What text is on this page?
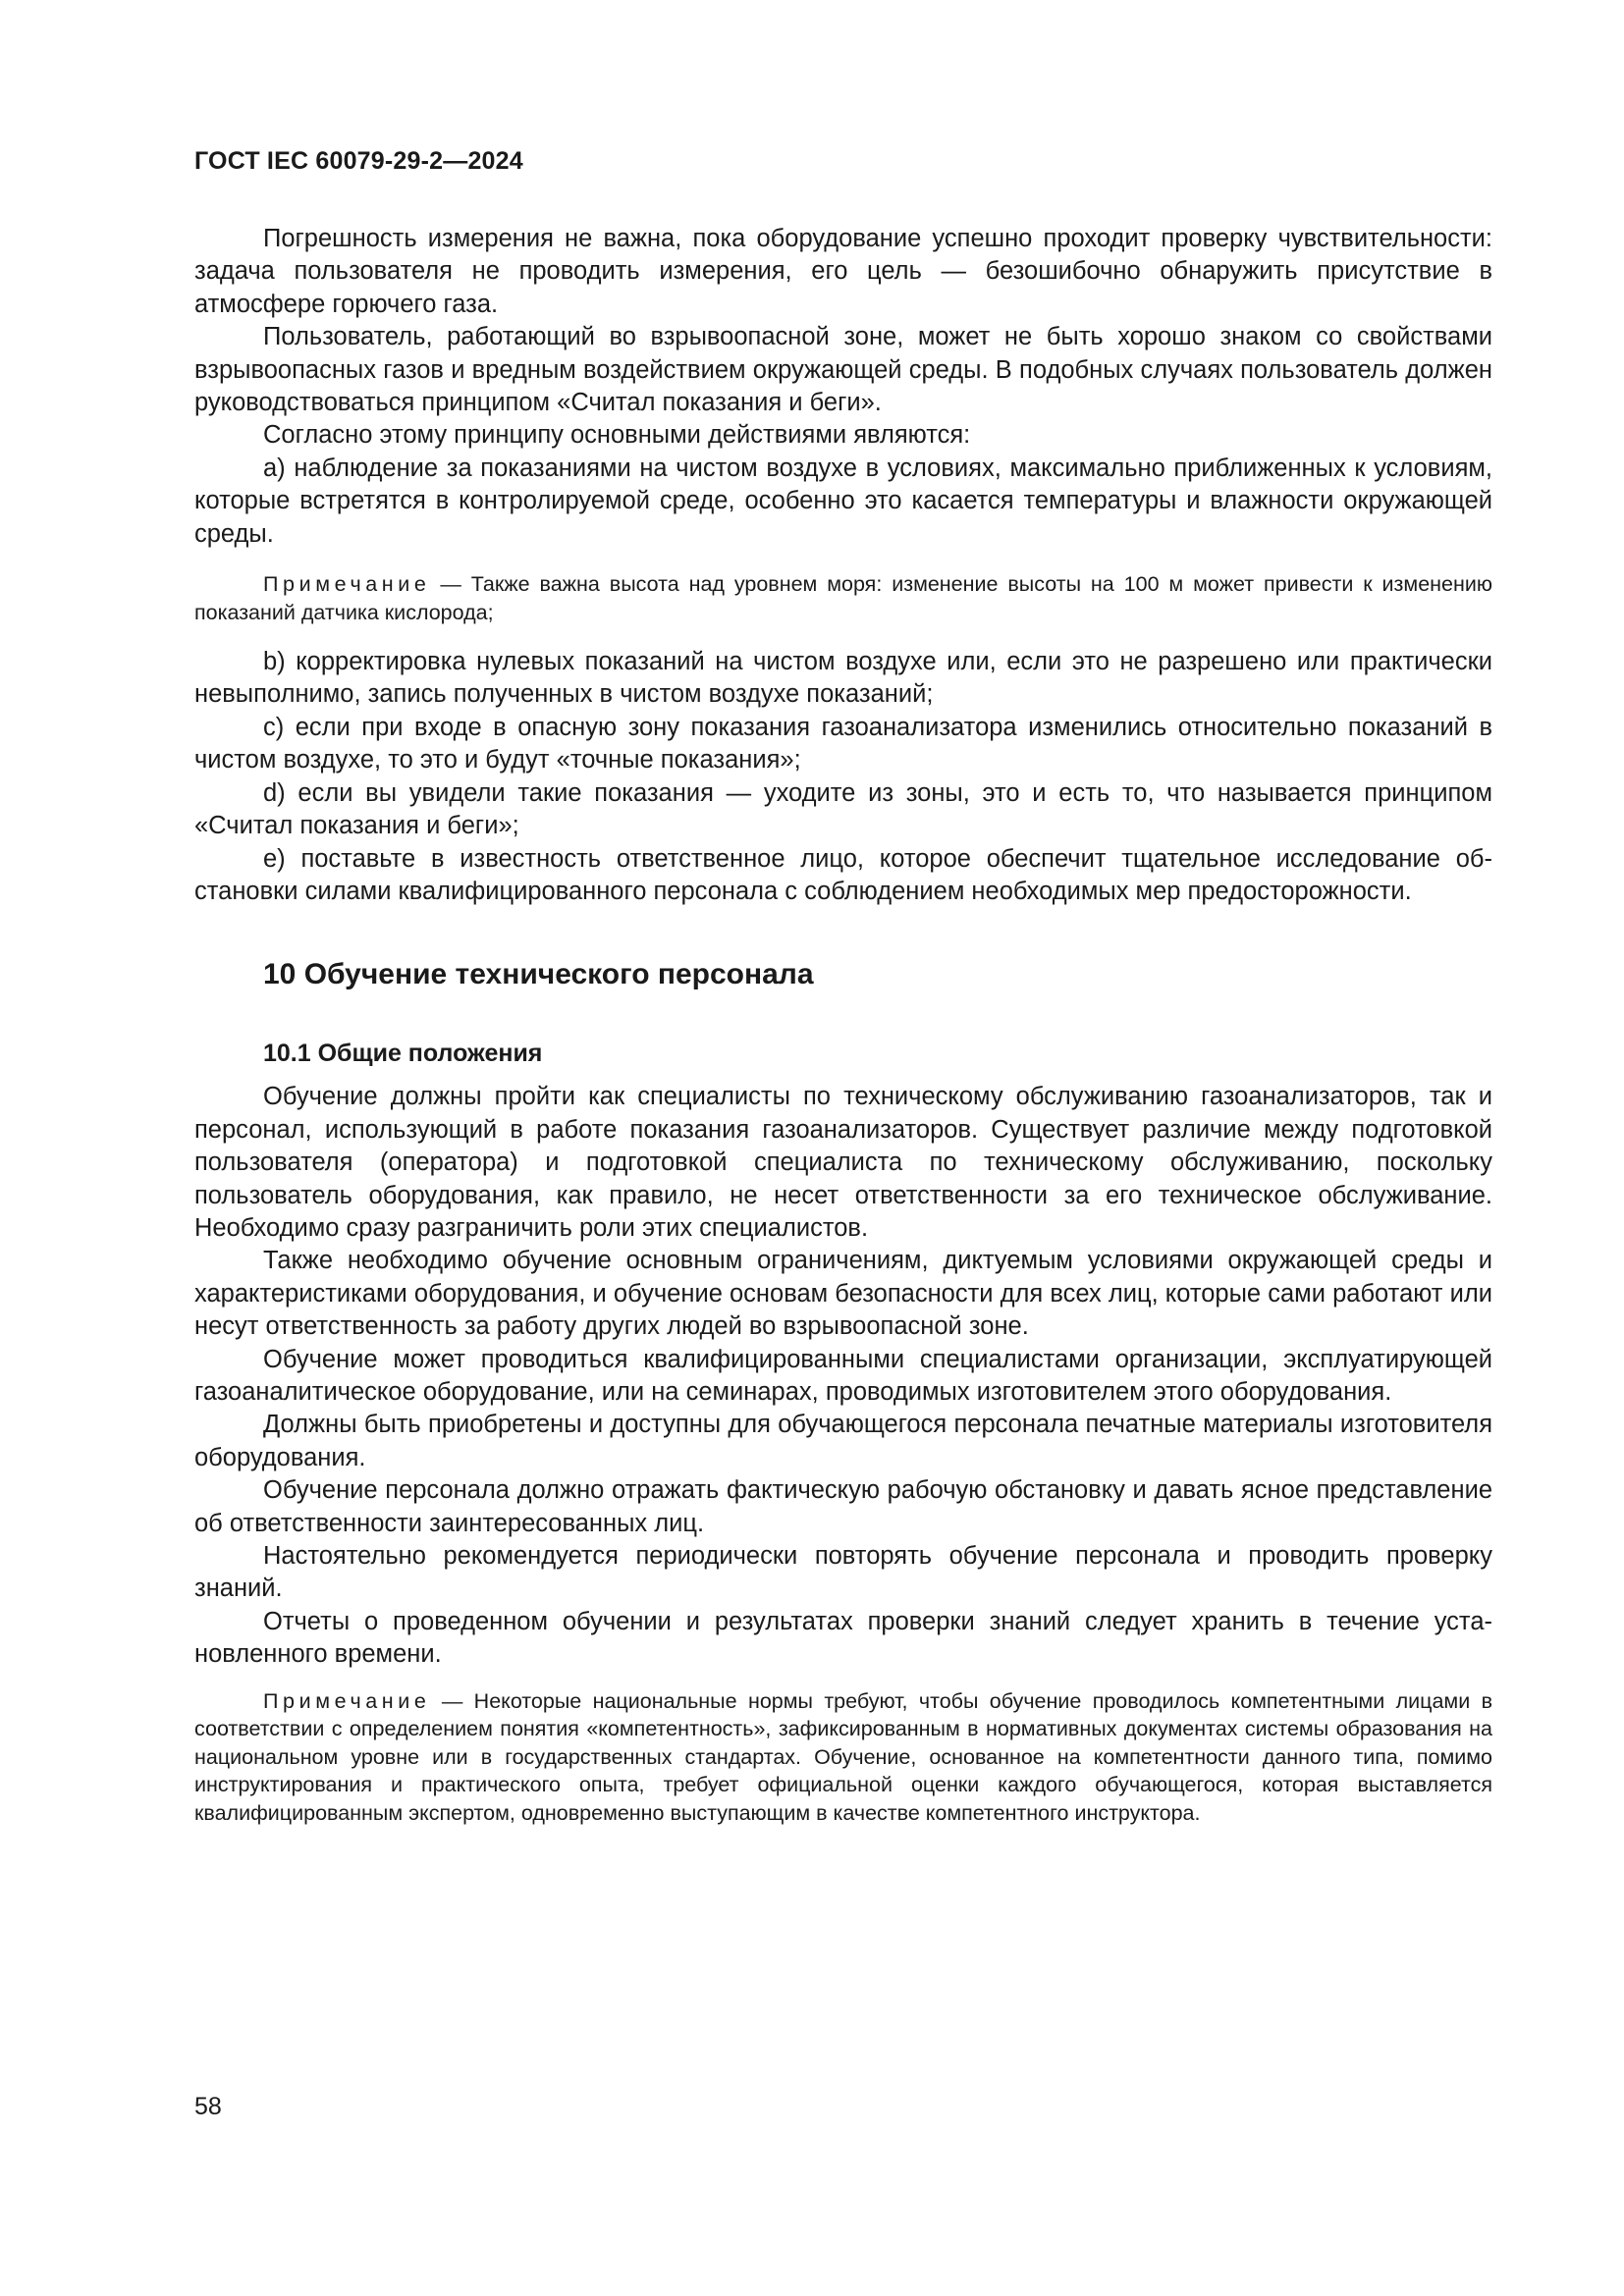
ГОСТ IEC 60079-29-2—2024

Погрешность измерения не важна, пока оборудование успешно проходит проверку чувствительности: задача пользователя не проводить измерения, его цель — безошибочно обнаружить присутствие в атмосфере горючего газа.

Пользователь, работающий во взрывоопасной зоне, может не быть хорошо знаком со свойствами взрывоопасных газов и вредным воздействием окружающей среды. В подобных случаях пользователь должен руководствоваться принципом «Считал показания и беги».

Согласно этому принципу основными действиями являются:

а) наблюдение за показаниями на чистом воздухе в условиях, максимально приближенных к условиям, которые встретятся в контролируемой среде, особенно это касается температуры и влажности окружающей среды.

Примечание — Также важна высота над уровнем моря: изменение высоты на 100 м может привести к изменению показаний датчика кислорода;

b) корректировка нулевых показаний на чистом воздухе или, если это не разрешено или практически невыполнимо, запись полученных в чистом воздухе показаний;

с) если при входе в опасную зону показания газоанализатора изменились относительно показаний в чистом воздухе, то это и будут «точные показания»;

d) если вы увидели такие показания — уходите из зоны, это и есть то, что называется принципом «Считал показания и беги»;

е) поставьте в известность ответственное лицо, которое обеспечит тщательное исследование обстановки силами квалифицированного персонала с соблюдением необходимых мер предосторожности.

10 Обучение технического персонала
10.1 Общие положения

Обучение должны пройти как специалисты по техническому обслуживанию газоанализаторов, так и персонал, использующий в работе показания газоанализаторов. Существует различие между подготовкой пользователя (оператора) и подготовкой специалиста по техническому обслуживанию, поскольку пользователь оборудования, как правило, не несет ответственности за его техническое обслуживание. Необходимо сразу разграничить роли этих специалистов.

Также необходимо обучение основным ограничениям, диктуемым условиями окружающей среды и характеристиками оборудования, и обучение основам безопасности для всех лиц, которые сами работают или несут ответственность за работу других людей во взрывоопасной зоне.

Обучение может проводиться квалифицированными специалистами организации, эксплуатирующей газоаналитическое оборудование, или на семинарах, проводимых изготовителем этого оборудования.

Должны быть приобретены и доступны для обучающегося персонала печатные материалы изготовителя оборудования.

Обучение персонала должно отражать фактическую рабочую обстановку и давать ясное представление об ответственности заинтересованных лиц.

Настоятельно рекомендуется периодически повторять обучение персонала и проводить проверку знаний.

Отчеты о проведенном обучении и результатах проверки знаний следует хранить в течение установленного времени.

Примечание — Некоторые национальные нормы требуют, чтобы обучение проводилось компетентными лицами в соответствии с определением понятия «компетентность», зафиксированным в нормативных документах системы образования на национальном уровне или в государственных стандартах. Обучение, основанное на компетентности данного типа, помимо инструктирования и практического опыта, требует официальной оценки каждого обучающегося, которая выставляется квалифицированным экспертом, одновременно выступающим в качестве компетентного инструктора.

58
